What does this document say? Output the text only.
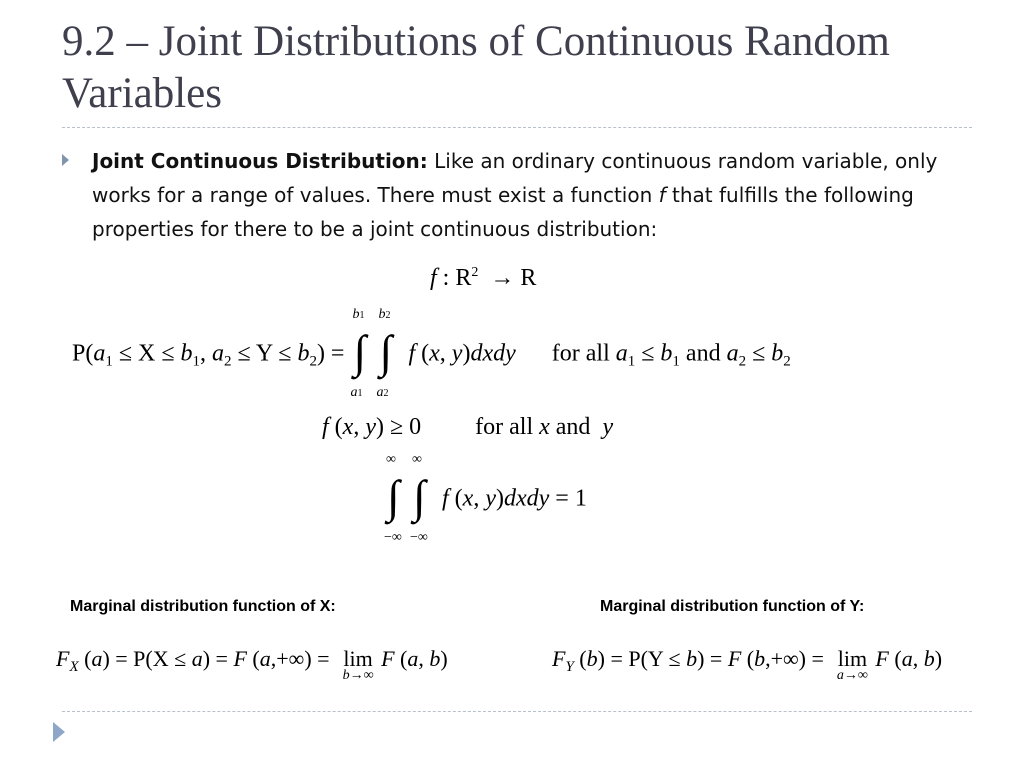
9.2 – Joint Distributions of Continuous Random Variables
Joint Continuous Distribution: Like an ordinary continuous random variable, only works for a range of values. There must exist a function f that fulfills the following properties for there to be a joint continuous distribution:
f : $R^2 \to R$
$P(a_1 \le X \le b_1$, $a_2 \le Y \le b_2$) =
b1
∫
a1
b2
∫
a2
f (x, y)dxdy      for all $a_1 \le b_1$ and $a_2 \le b_2$
f (x, y) ≥ 0         for all x and  y
∞
∫
−∞
∞
∫
−∞
f (x, y)dxdy = 1
Marginal distribution function of X:	Marginal distribution function of Y:
$F_X$ (a) = P(X ≤ a) = F (a,+∞) = lim
b→∞
F (a, b)	$F_Y$ (b) = P(Y ≤ b) = F (b,+∞) = lim
a→∞
F (a, b)
